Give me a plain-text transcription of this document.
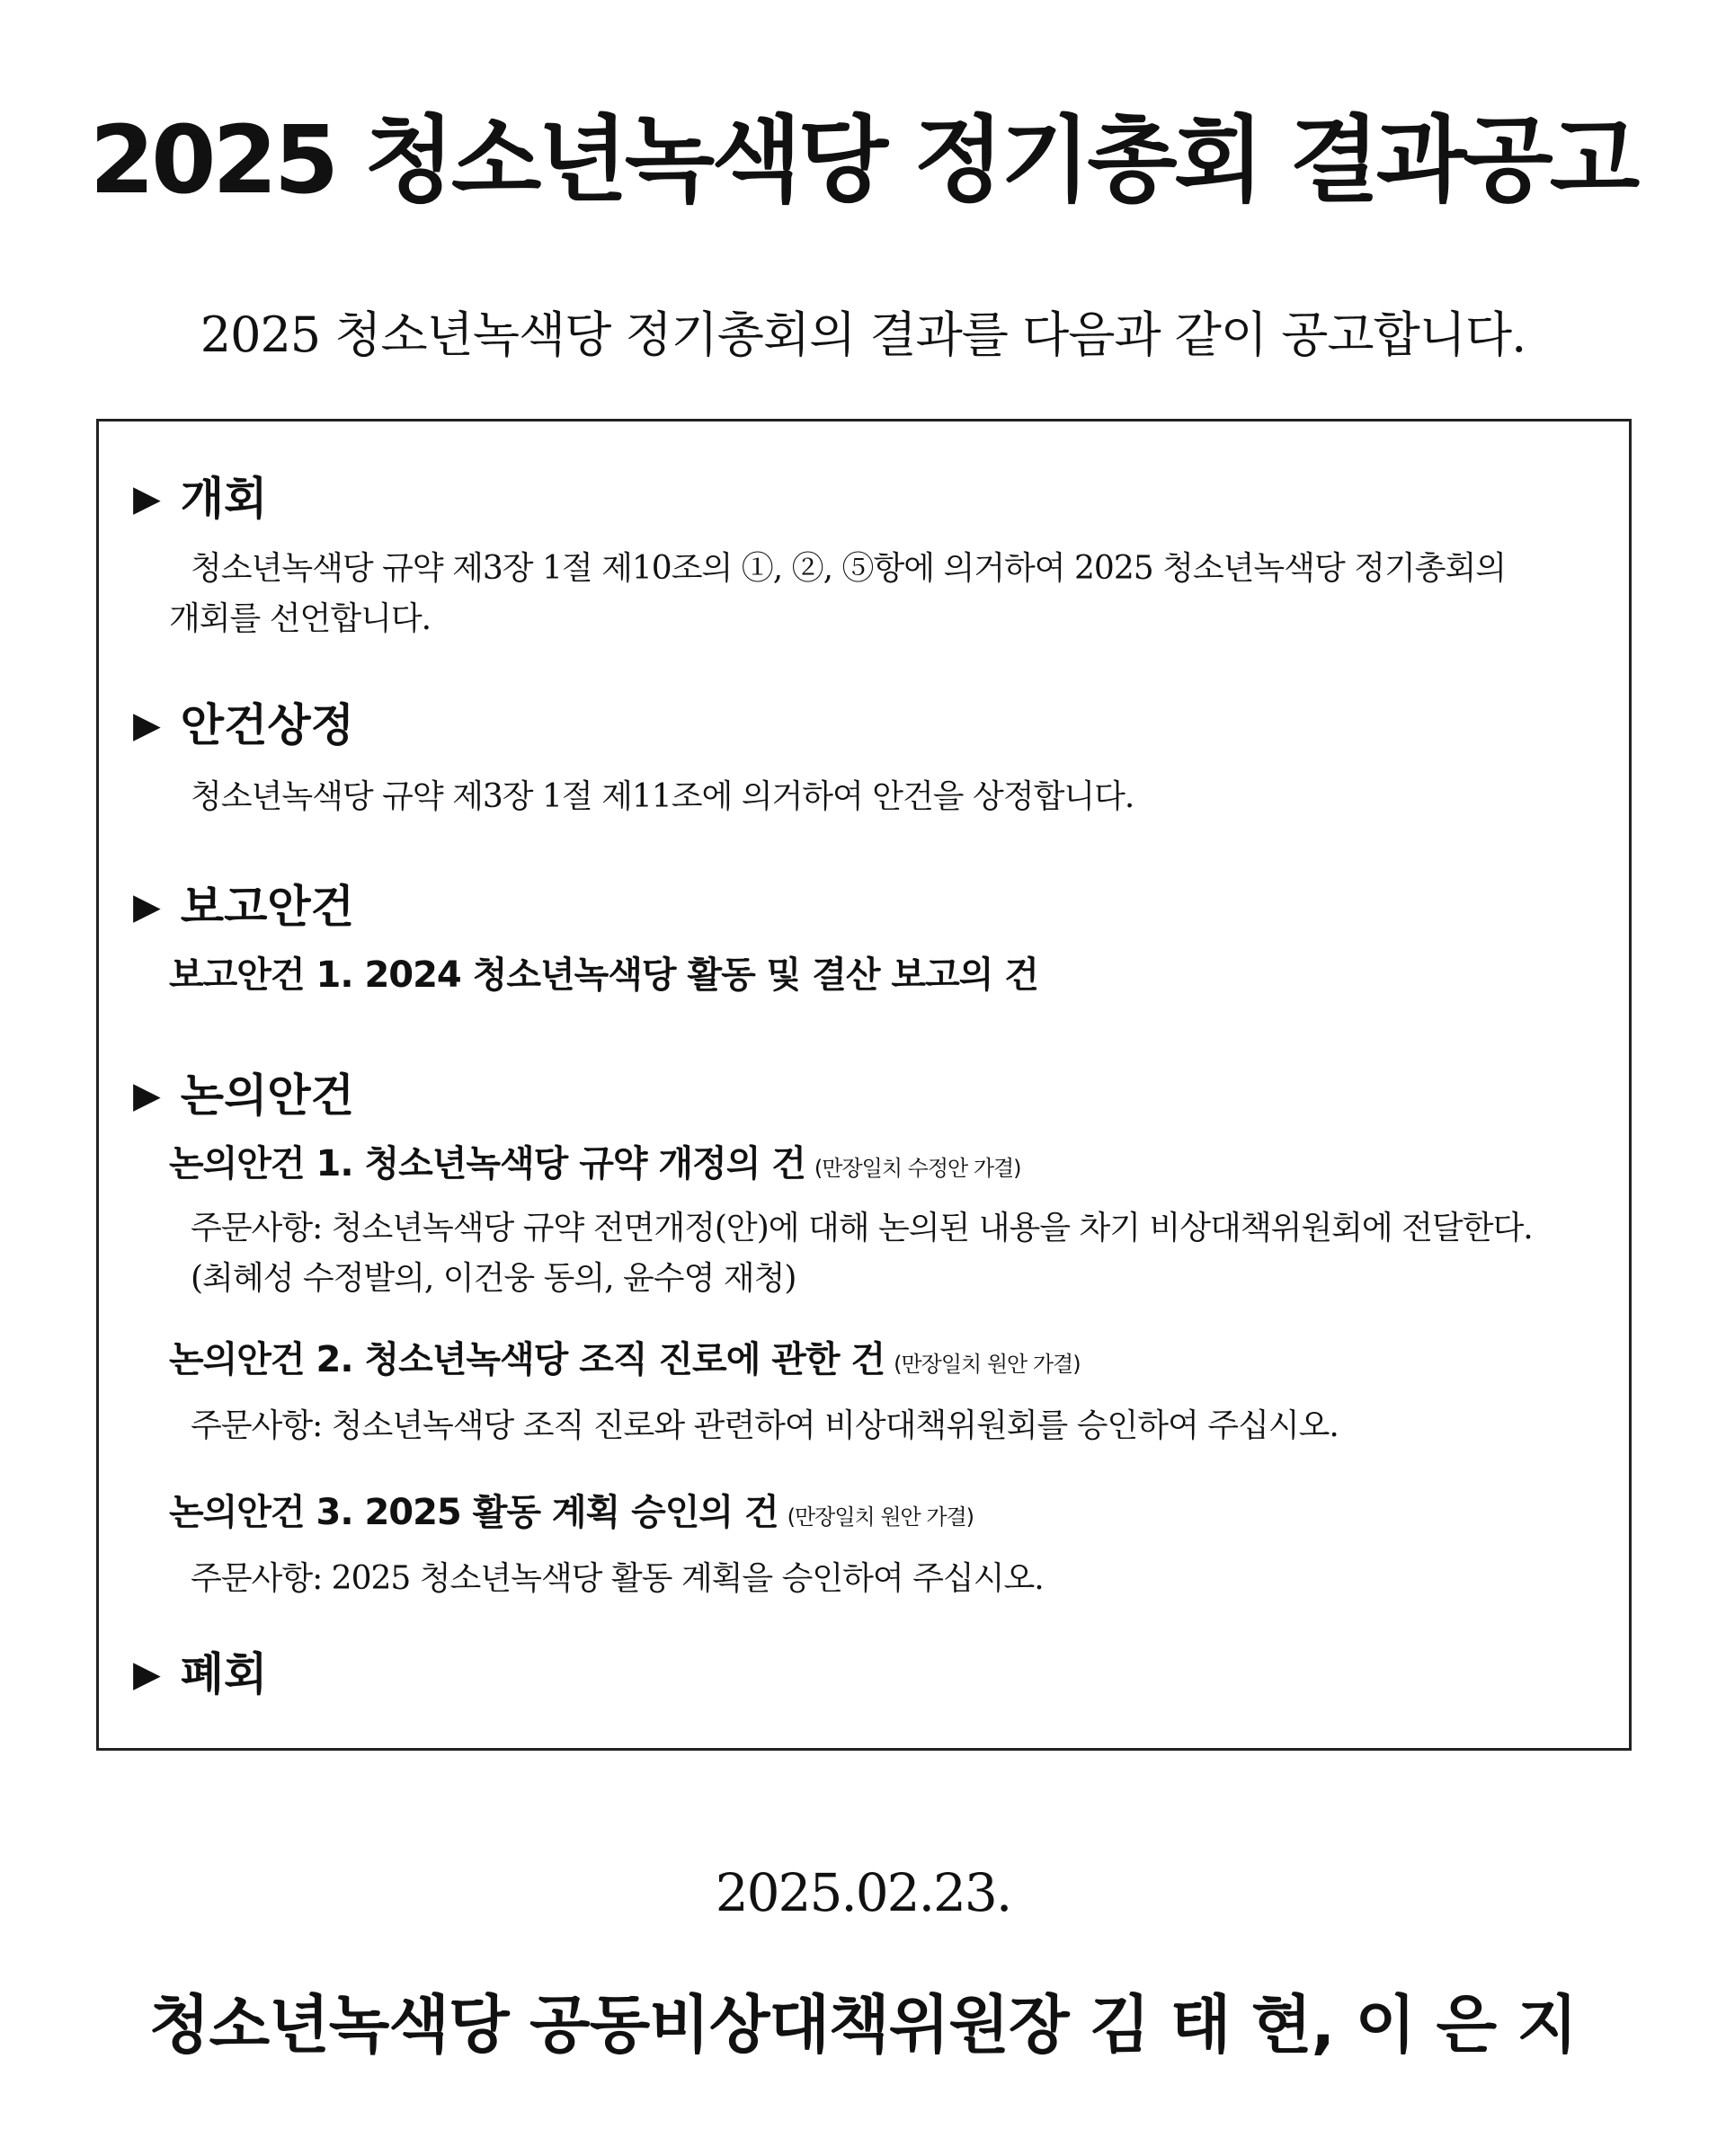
2025 청소년녹색당 정기총회 결과공고
2025 청소년녹색당 정기총회의 결과를 다음과 같이 공고합니다.
▶ 개회
청소년녹색당 규약 제3장 1절 제10조의 ①, ②, ⑤항에 의거하여 2025 청소년녹색당 정기총회의
개회를 선언합니다.
▶ 안건상정
청소년녹색당 규약 제3장 1절 제11조에 의거하여 안건을 상정합니다.
▶ 보고안건
보고안건 1. 2024 청소년녹색당 활동 및 결산 보고의 건
▶ 논의안건
논의안건 1. 청소년녹색당 규약 개정의 건 (만장일치 수정안 가결)
주문사항: 청소년녹색당 규약 전면개정(안)에 대해 논의된 내용을 차기 비상대책위원회에 전달한다.
(최혜성 수정발의, 이건웅 동의, 윤수영 재청)
논의안건 2. 청소년녹색당 조직 진로에 관한 건 (만장일치 원안 가결)
주문사항: 청소년녹색당 조직 진로와 관련하여 비상대책위원회를 승인하여 주십시오.
논의안건 3. 2025 활동 계획 승인의 건 (만장일치 원안 가결)
주문사항: 2025 청소년녹색당 활동 계획을 승인하여 주십시오.
▶ 폐회
2025.02.23.
청소년녹색당 공동비상대책위원장 김 태 현, 이 은 지
